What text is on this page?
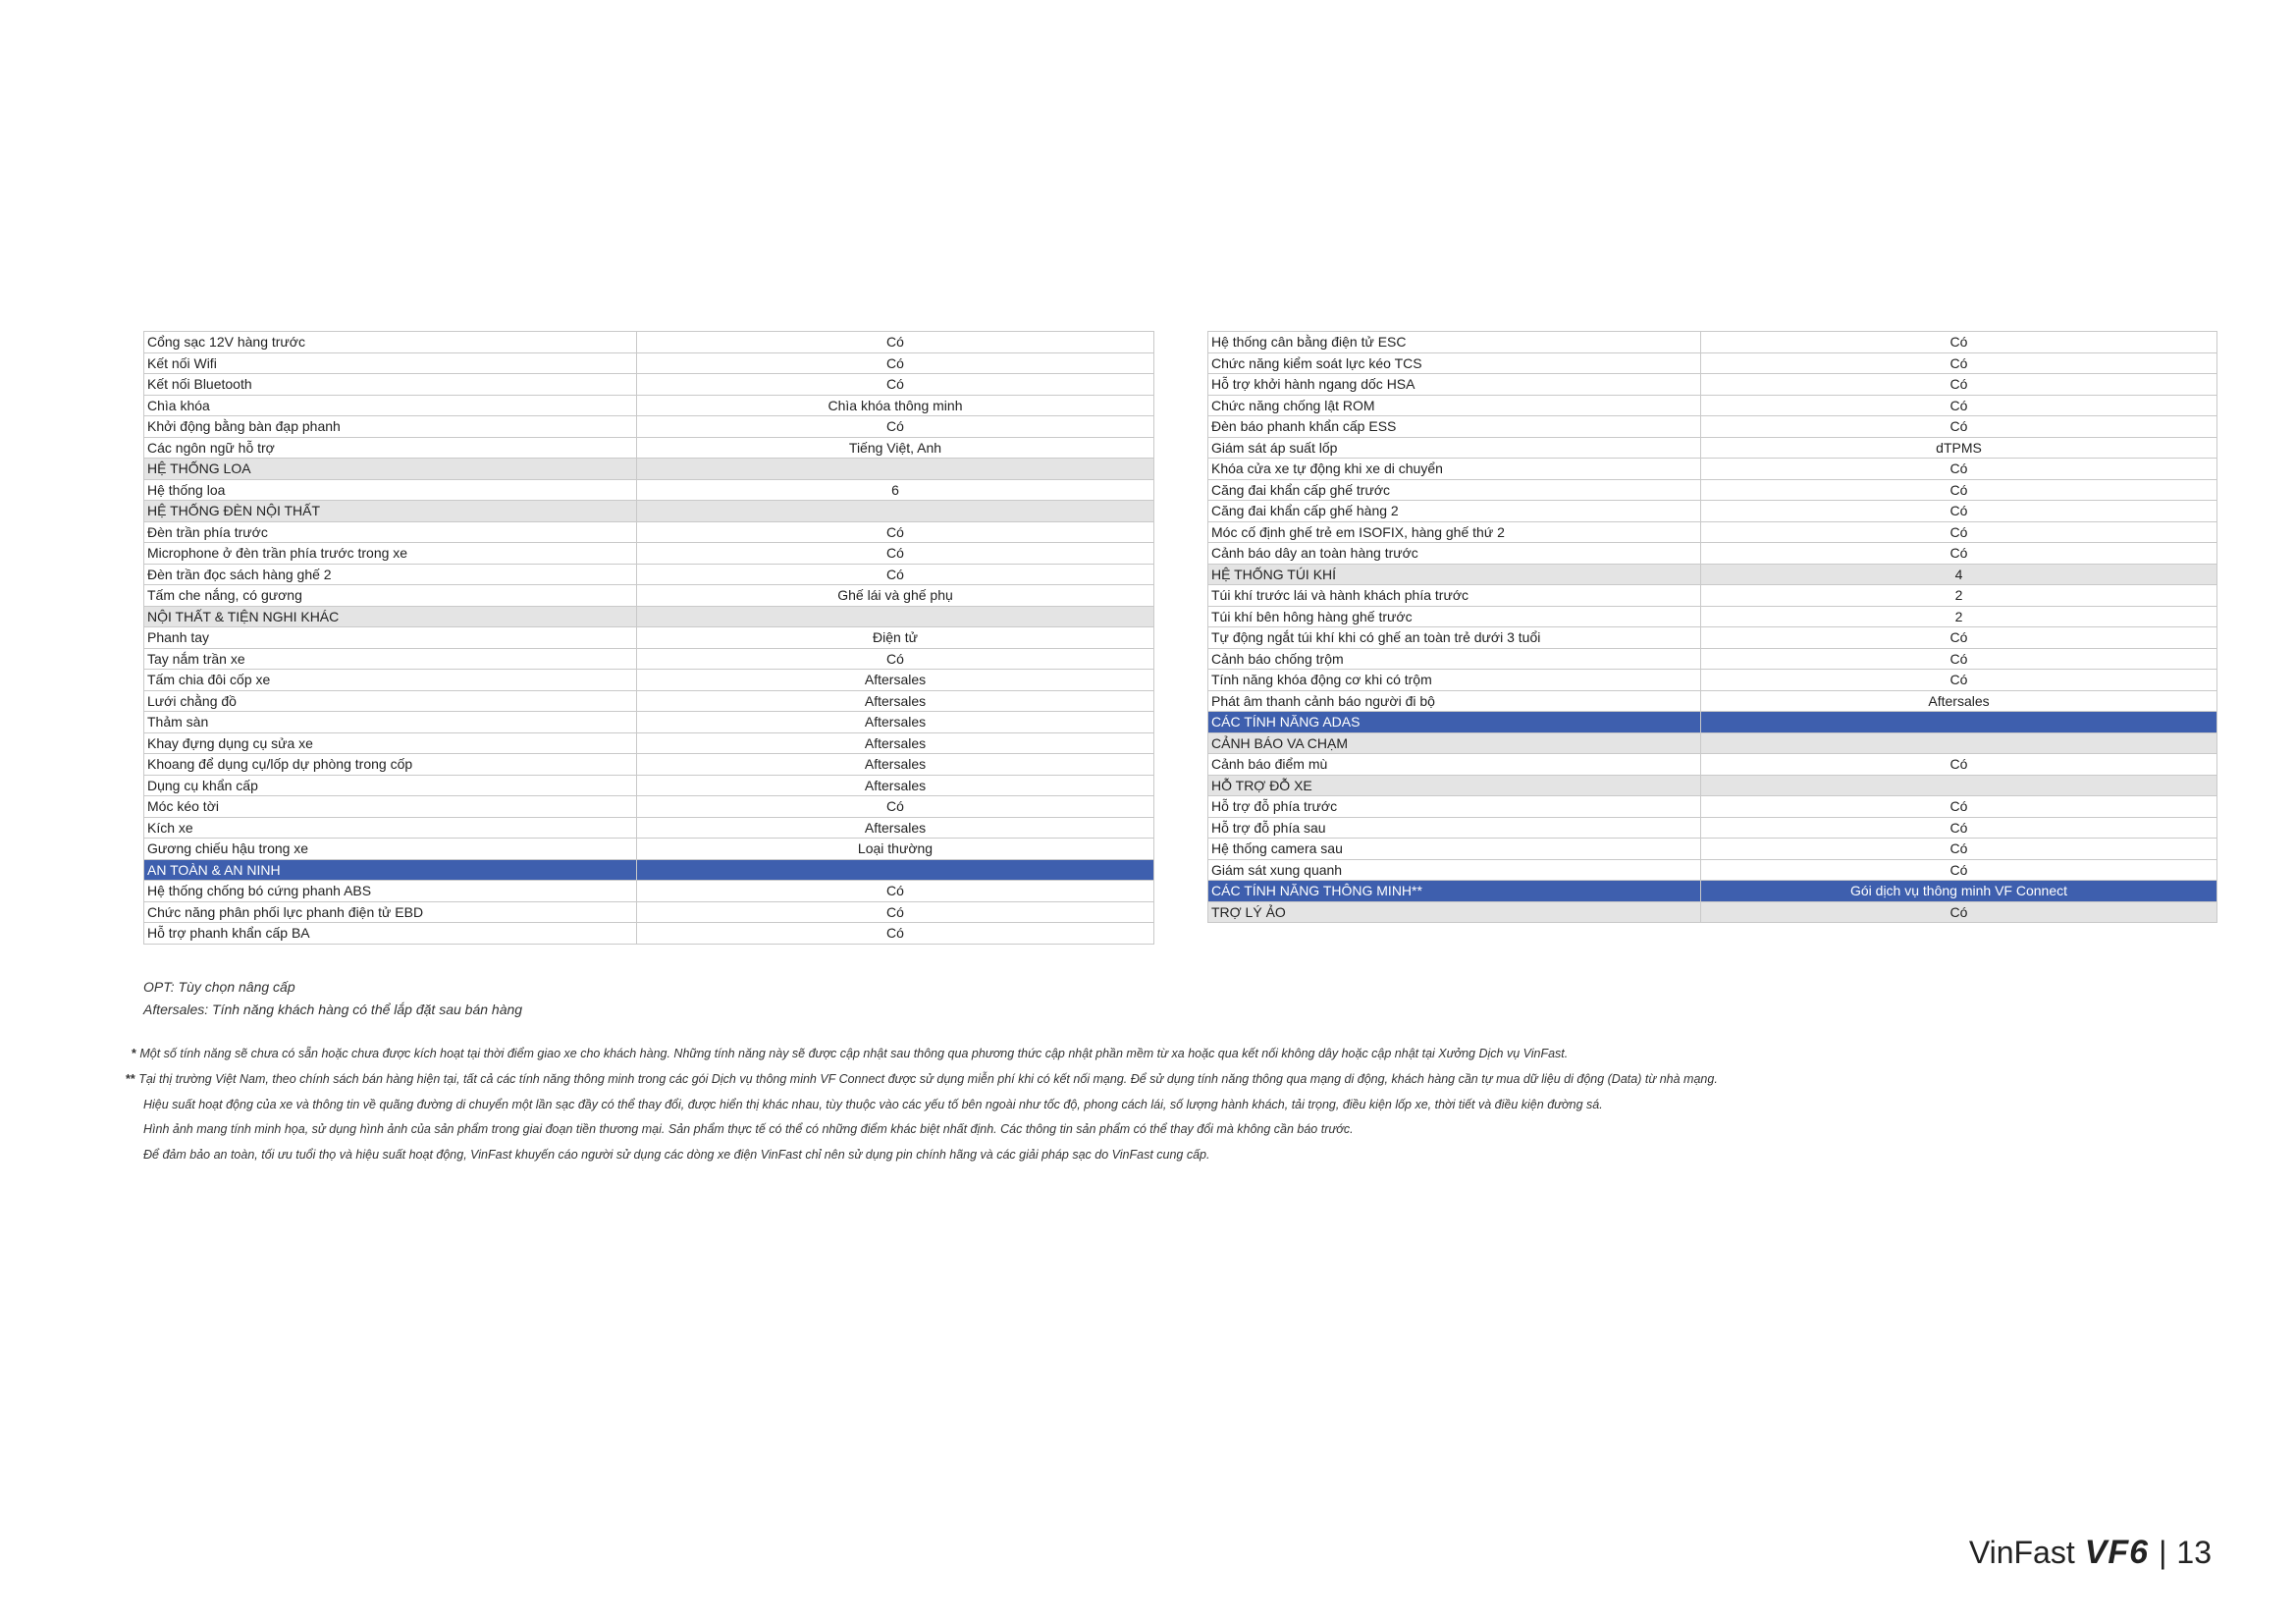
Cổng sạc 12V hàng trước	Có
Kết nối Wifi	Có
Kết nối Bluetooth	Có
Chìa khóa	Chìa khóa thông minh
Khởi động bằng bàn đạp phanh	Có
Các ngôn ngữ hỗ trợ	Tiếng Việt, Anh
HỆ THỐNG LOA	
Hệ thống loa	6
HỆ THỐNG ĐÈN NỘI THẤT	
Đèn trần phía trước	Có
Microphone ở đèn trần phía trước trong xe	Có
Đèn trần đọc sách hàng ghế 2	Có
Tấm che nắng, có gương	Ghế lái và ghế phụ
NỘI THẤT & TIỆN NGHI KHÁC	
Phanh tay	Điện tử
Tay nắm trần xe	Có
Tấm chia đôi cốp xe	Aftersales
Lưới chằng đồ	Aftersales
Thảm sàn	Aftersales
Khay đựng dụng cụ sửa xe	Aftersales
Khoang để dụng cụ/lốp dự phòng trong cốp	Aftersales
Dụng cụ khẩn cấp	Aftersales
Móc kéo tời	Có
Kích xe	Aftersales
Gương chiếu hậu trong xe	Loại thường
AN TOÀN & AN NINH	
Hệ thống chống bó cứng phanh ABS	Có
Chức năng phân phối lực phanh điện tử EBD	Có
Hỗ trợ phanh khẩn cấp BA	Có
Hệ thống cân bằng điện tử ESC	Có
Chức năng kiểm soát lực kéo TCS	Có
Hỗ trợ khởi hành ngang dốc HSA	Có
Chức năng chống lật ROM	Có
Đèn báo phanh khẩn cấp ESS	Có
Giám sát áp suất lốp	dTPMS
Khóa cửa xe tự động khi xe di chuyển	Có
Căng đai khẩn cấp ghế trước	Có
Căng đai khẩn cấp ghế hàng 2	Có
Móc cố định ghế trẻ em ISOFIX, hàng ghế thứ 2	Có
Cảnh báo dây an toàn hàng trước	Có
HỆ THỐNG TÚI KHÍ	4
Túi khí trước lái và hành khách phía trước	2
Túi khí bên hông hàng ghế trước	2
Tự động ngắt túi khí khi có ghế an toàn trẻ dưới 3 tuổi	Có
Cảnh báo chống trộm	Có
Tính năng khóa động cơ khi có trộm	Có
Phát âm thanh cảnh báo người đi bộ	Aftersales
CÁC TÍNH NĂNG ADAS	
CẢNH BÁO VA CHẠM	
Cảnh báo điểm mù	Có
HỖ TRỢ ĐỖ XE	
Hỗ trợ đỗ phía trước	Có
Hỗ trợ đỗ phía sau	Có
Hệ thống camera sau	Có
Giám sát xung quanh	Có
CÁC TÍNH NĂNG THÔNG MINH**	Gói dịch vụ thông minh VF Connect
TRỢ LÝ ẢO	Có
OPT: Tùy chọn nâng cấp
Aftersales: Tính năng khách hàng có thể lắp đặt sau bán hàng
* Một số tính năng sẽ chưa có sẵn hoặc chưa được kích hoạt tại thời điểm giao xe cho khách hàng. Những tính năng này sẽ được cập nhật sau thông qua phương thức cập nhật phần mềm từ xa hoặc qua kết nối không dây hoặc cập nhật tại Xưởng Dịch vụ VinFast.
** Tại thị trường Việt Nam, theo chính sách bán hàng hiện tại, tất cả các tính năng thông minh trong các gói Dịch vụ thông minh VF Connect được sử dụng miễn phí khi có kết nối mạng. Để sử dụng tính năng thông qua mạng di động, khách hàng cần tự mua dữ liệu di động (Data) từ nhà mạng.
Hiệu suất hoạt động của xe và thông tin về quãng đường di chuyển một lần sạc đầy có thể thay đổi, được hiển thị khác nhau, tùy thuộc vào các yếu tố bên ngoài như tốc độ, phong cách lái, số lượng hành khách, tải trọng, điều kiện lốp xe, thời tiết và điều kiện đường sá.
Hình ảnh mang tính minh họa, sử dụng hình ảnh của sản phẩm trong giai đoạn tiền thương mại. Sản phẩm thực tế có thể có những điểm khác biệt nhất định. Các thông tin sản phẩm có thể thay đổi mà không cần báo trước.
Để đảm bảo an toàn, tối ưu tuổi thọ và hiệu suất hoạt động, VinFast khuyến cáo người sử dụng các dòng xe điện VinFast chỉ nên sử dụng pin chính hãng và các giải pháp sạc do VinFast cung cấp.
VinFast VF6 | 13
